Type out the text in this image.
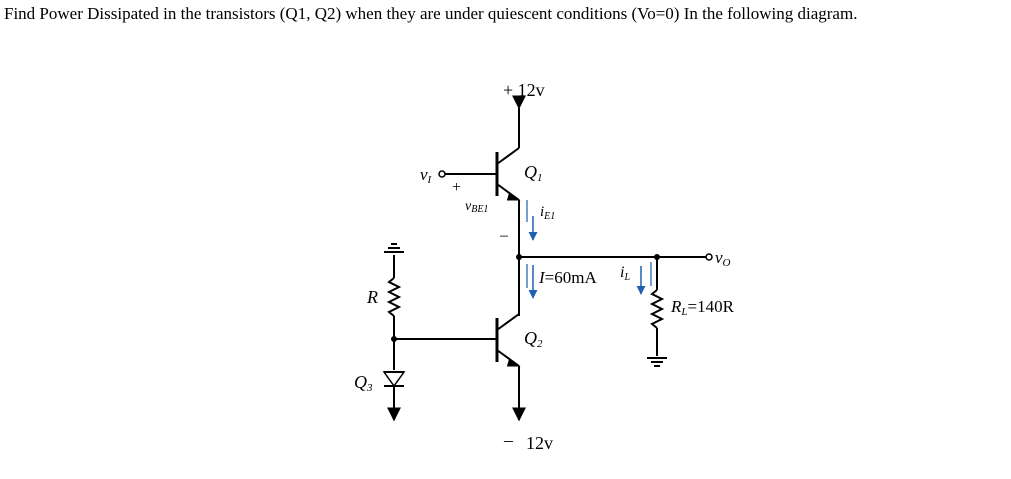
Find Power Dissipated in the transistors (Q1, Q2) when they are under quiescent conditions (Vo=0) In the following diagram.
+ 12v
– 12v
Q1
Q2
Q3
vI
vO
+
vBE1
–
$i_{E1}$
I=60mA iL
R	RL=140R
